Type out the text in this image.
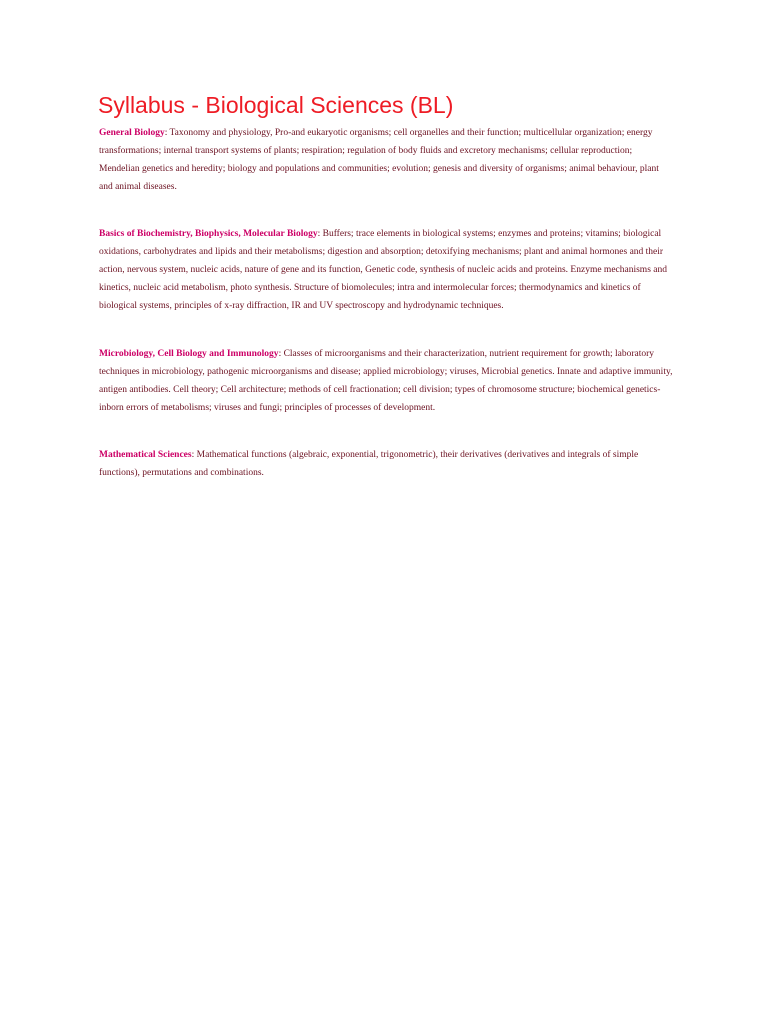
Syllabus - Biological Sciences (BL)

General Biology: Taxonomy and physiology, Pro-and eukaryotic organisms; cell organelles and their function; multicellular organization; energy transformations; internal transport systems of plants; respiration; regulation of body fluids and excretory mechanisms; cellular reproduction; Mendelian genetics and heredity; biology and populations and communities; evolution; genesis and diversity of organisms; animal behaviour, plant and animal diseases.

Basics of Biochemistry, Biophysics, Molecular Biology: Buffers; trace elements in biological systems; enzymes and proteins; vitamins; biological oxidations, carbohydrates and lipids and their metabolisms; digestion and absorption; detoxifying mechanisms; plant and animal hormones and their action, nervous system, nucleic acids, nature of gene and its function, Genetic code, synthesis of nucleic acids and proteins. Enzyme mechanisms and kinetics, nucleic acid metabolism, photo synthesis. Structure of biomolecules; intra and intermolecular forces; thermodynamics and kinetics of biological systems, principles of x-ray diffraction, IR and UV spectroscopy and hydrodynamic techniques.

Microbiology, Cell Biology and Immunology: Classes of microorganisms and their characterization, nutrient requirement for growth; laboratory techniques in microbiology, pathogenic microorganisms and disease; applied microbiology; viruses, Microbial genetics. Innate and adaptive immunity, antigen antibodies. Cell theory; Cell architecture; methods of cell fractionation; cell division; types of chromosome structure; biochemical genetics- inborn errors of metabolisms; viruses and fungi; principles of processes of development.

Mathematical Sciences: Mathematical functions (algebraic, exponential, trigonometric), their derivatives (derivatives and integrals of simple functions), permutations and combinations.
